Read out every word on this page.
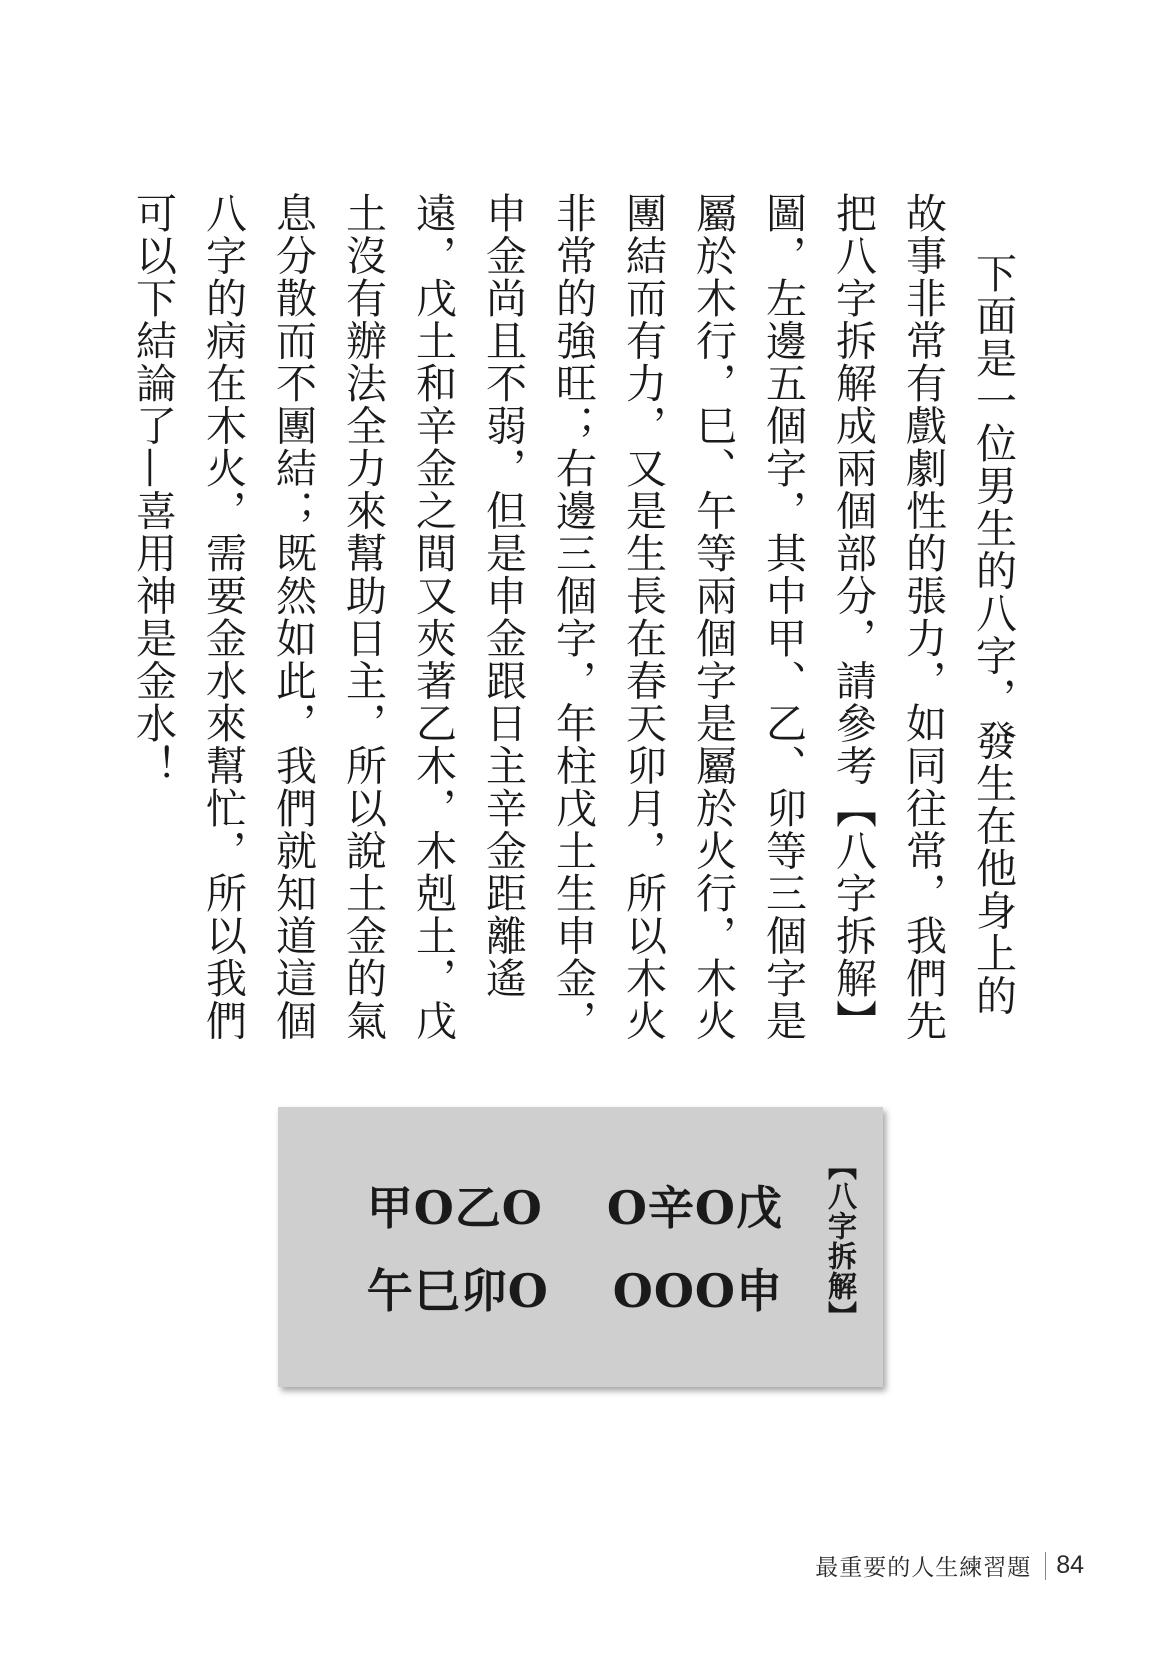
下面是一位男生的八字，發生在他身上的
故事非常有戲劇性的張力，如同往常，我們先
把八字拆解成兩個部分，請參考【八字拆解】
圖，左邊五個字，其中甲、乙、卯等三個字是
屬於木行，巳、午等兩個字是屬於火行，木火
團結而有力，又是生長在春天卯月，所以木火
非常的強旺；右邊三個字，年柱戊土生申金，
申金尚且不弱，但是申金跟日主辛金距離遙
遠，戊土和辛金之間又夾著乙木，木剋土，戊
土沒有辦法全力來幫助日主，所以說土金的氣
息分散而不團結；既然如此，我們就知道這個
八字的病在木火，需要金水來幫忙，所以我們
可以下結論了—喜用神是金水！
【八字拆解】
甲O乙O O辛O戊
午巳卯O OOO申
最重要的人生練習題 84
